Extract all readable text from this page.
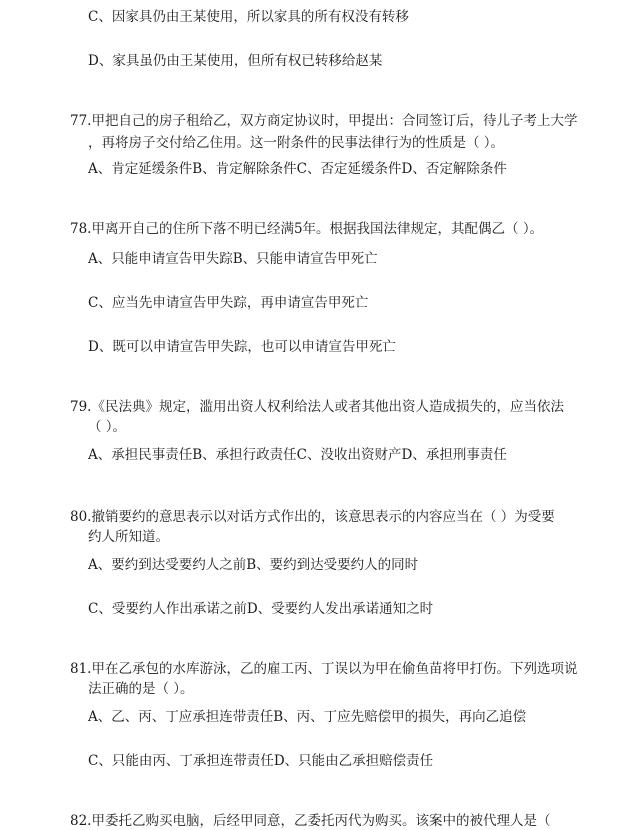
C、因家具仍由王某使用，所以家具的所有权没有转移
D、家具虽仍由王某使用，但所有权已转移给赵某
77.甲把自己的房子租给乙，双方商定协议时，甲提出：合同签订后，待儿子考上大学
，再将房子交付给乙住用。这一附条件的民事法律行为的性质是（ ）。
A、肯定延缓条件B、肯定解除条件C、否定延缓条件D、否定解除条件
78.甲离开自己的住所下落不明已经满5年。根据我国法律规定，其配偶乙（ ）。
A、只能申请宣告甲失踪B、只能申请宣告甲死亡
C、应当先申请宣告甲失踪，再申请宣告甲死亡
D、既可以申请宣告甲失踪，也可以申请宣告甲死亡
79.《民法典》规定，滥用出资人权利给法人或者其他出资人造成损失的，应当依法
（ ）。
A、承担民事责任B、承担行政责任C、没收出资财产D、承担刑事责任
80.撤销要约的意思表示以对话方式作出的，该意思表示的内容应当在（ ）为受要
约人所知道。
A、要约到达受要约人之前B、要约到达受要约人的同时
C、受要约人作出承诺之前D、受要约人发出承诺通知之时
81.甲在乙承包的水库游泳，乙的雇工丙、丁误以为甲在偷鱼苗将甲打伤。下列选项说
法正确的是（ ）。
A、乙、丙、丁应承担连带责任B、丙、丁应先赔偿甲的损失，再向乙追偿
C、只能由丙、丁承担连带责任D、只能由乙承担赔偿责任
82.甲委托乙购买电脑，后经甲同意，乙委托丙代为购买。该案中的被代理人是（
